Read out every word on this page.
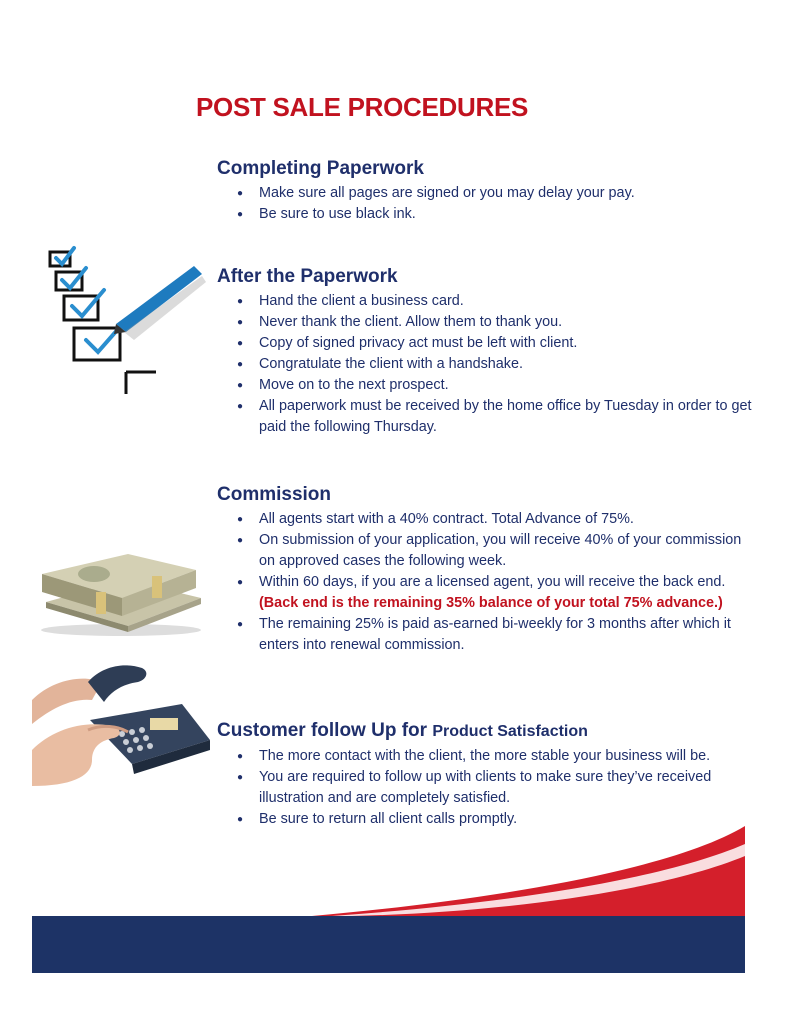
POST SALE PROCEDURES
Completing Paperwork
● Make sure all pages are signed or you may delay your pay.
● Be sure to use black ink.
After the Paperwork
● Hand the client a business card.
● Never thank the client. Allow them to thank you.
● Copy of signed privacy act must be left with client.
● Congratulate the client with a handshake.
● Move on to the next prospect.
● All paperwork must be received by the home office by Tuesday in order to get paid the following Thursday.
Commission
● All agents start with a 40% contract. Total Advance of 75%.
● On submission of your application, you will receive 40% of your commission on approved cases the following week.
● Within 60 days, if you are a licensed agent, you will receive the back end. (Back end is the remaining 35% balance of your total 75% advance.)
● The remaining 25% is paid as-earned bi-weekly for 3 months after which it enters into renewal commission.
Customer follow Up for Product Satisfaction
● The more contact with the client, the more stable your business will be.
● You are required to follow up with clients to make sure they’ve received illustration and are completely satisfied.
● Be sure to return all client calls promptly.
